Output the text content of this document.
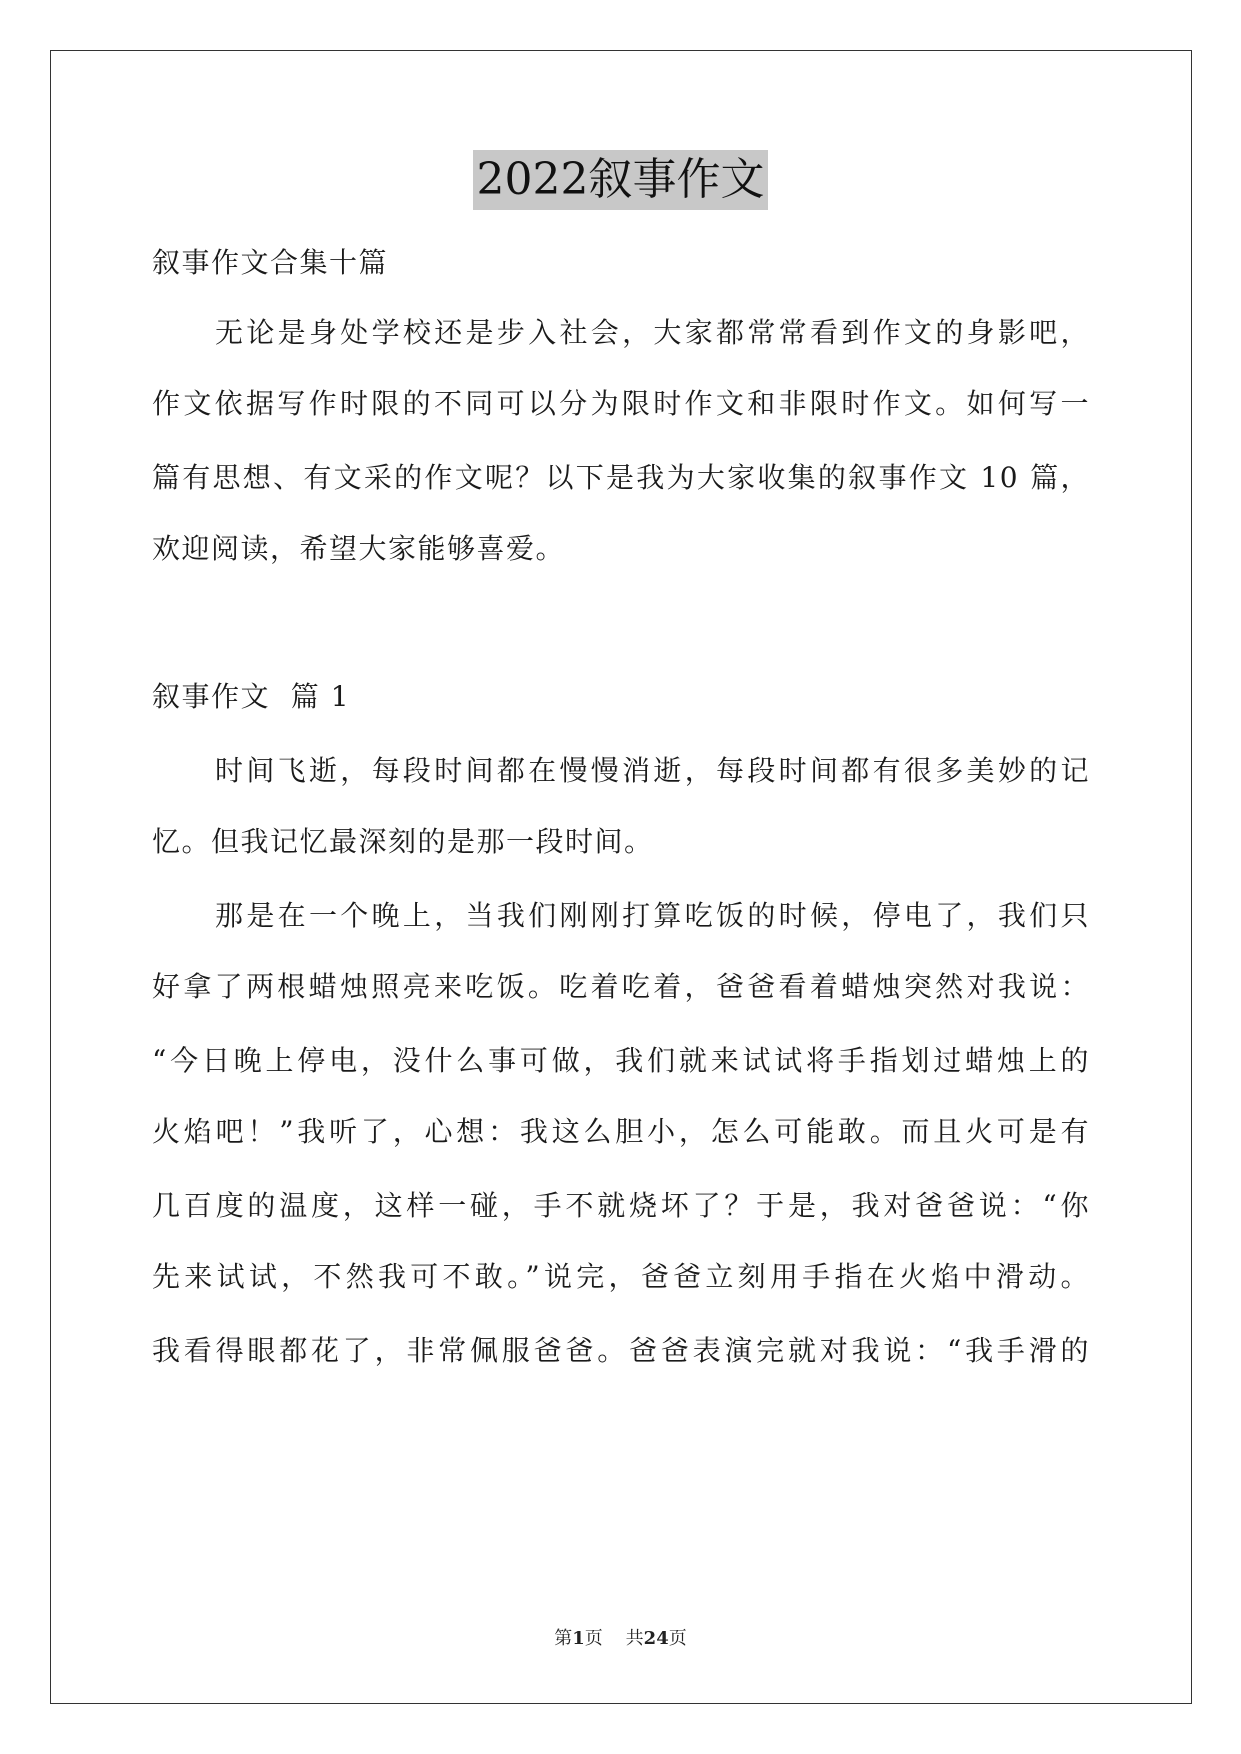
2022叙事作文
叙事作文合集十篇
无论是身处学校还是步入社会，大家都常常看到作文的身影吧，
作文依据写作时限的不同可以分为限时作文和非限时作文。如何写一
篇有思想、有文采的作文呢？以下是我为大家收集的叙事作文 10 篇，
欢迎阅读，希望大家能够喜爱。
叙事作文  篇 1
时间飞逝，每段时间都在慢慢消逝，每段时间都有很多美妙的记
忆。但我记忆最深刻的是那一段时间。
那是在一个晚上，当我们刚刚打算吃饭的时候，停电了，我们只
好拿了两根蜡烛照亮来吃饭。吃着吃着，爸爸看着蜡烛突然对我说：
“今日晚上停电，没什么事可做，我们就来试试将手指划过蜡烛上的
火焰吧！”我听了，心想：我这么胆小，怎么可能敢。而且火可是有
几百度的温度，这样一碰，手不就烧坏了？于是，我对爸爸说：“你
先来试试，不然我可不敢。”说完，爸爸立刻用手指在火焰中滑动。
我看得眼都花了，非常佩服爸爸。爸爸表演完就对我说：“我手滑的
第1页    共24页
